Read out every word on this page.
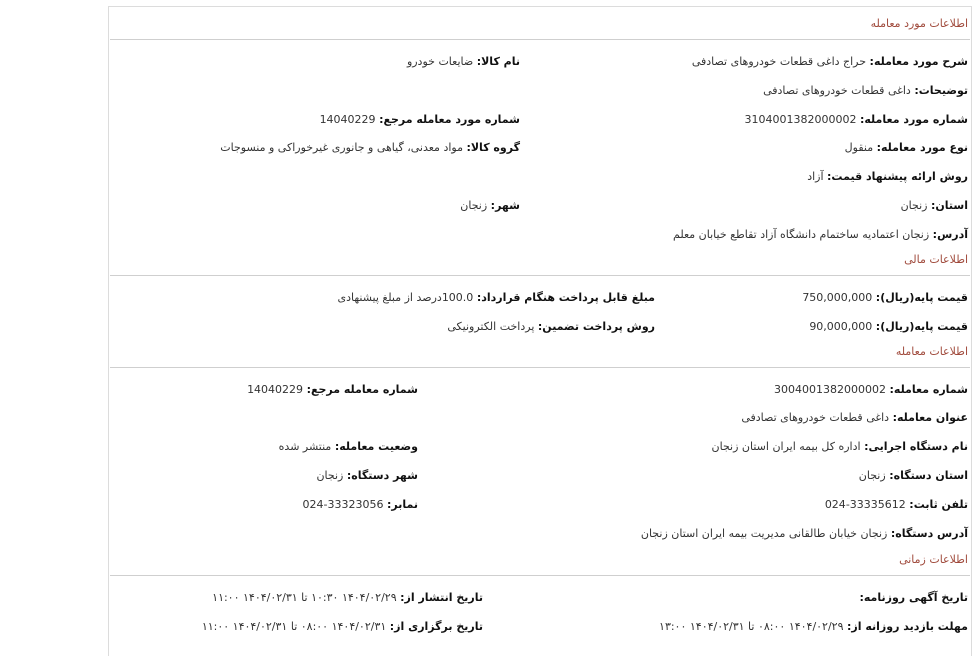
اطلاعات مورد معامله
شرح مورد معامله: حراج داغی قطعات خودروهای تصادفی
نام کالا: ضایعات خودرو
توضیحات: داغی قطعات خودروهای تصادفی
شماره مورد معامله: 3104001382000002
شماره مورد معامله مرجع: 14040229
نوع مورد معامله: منقول
گروه کالا: مواد معدنی، گیاهی و جانوری غیرخوراکی و منسوجات
روش ارائه پیشنهاد قیمت: آزاد
استان: زنجان
شهر: زنجان
آدرس: زنجان اعتمادیه ساختمام دانشگاه آزاد تقاطع خیابان معلم
اطلاعات مالی
قیمت پایه(ریال): 750,000,000
مبلغ قابل پرداخت هنگام قرارداد: 100.0درصد از مبلغ پیشنهادی
قیمت پایه(ریال): 90,000,000
روش پرداخت تضمین: پرداخت الکترونیکی
اطلاعات معامله
شماره معامله: 3004001382000002
شماره معامله مرجع: 14040229
عنوان معامله: داغی قطعات خودروهای تصادفی
نام دستگاه اجرایی: اداره کل بیمه ایران استان زنجان
وضعیت معامله: منتشر شده
استان دستگاه: زنجان
شهر دستگاه: زنجان
تلفن ثابت: 33335612-024
نمابر: 33323056-024
آدرس دستگاه: زنجان خیابان طالقانی مدیریت بیمه ایران استان زنجان
اطلاعات زمانی
تاریخ آگهی روزنامه:
تاریخ انتشار از: ۱۴۰۴/۰۲/۲۹ ۱۰:۳۰ تا ۱۴۰۴/۰۲/۳۱ ۱۱:۰۰
مهلت بازدید روزانه از: ۱۴۰۴/۰۲/۲۹ ۰۸:۰۰ تا ۱۴۰۴/۰۲/۳۱ ۱۳:۰۰
تاریخ برگزاری از: ۱۴۰۴/۰۲/۳۱ ۰۸:۰۰ تا ۱۴۰۴/۰۲/۳۱ ۱۱:۰۰
